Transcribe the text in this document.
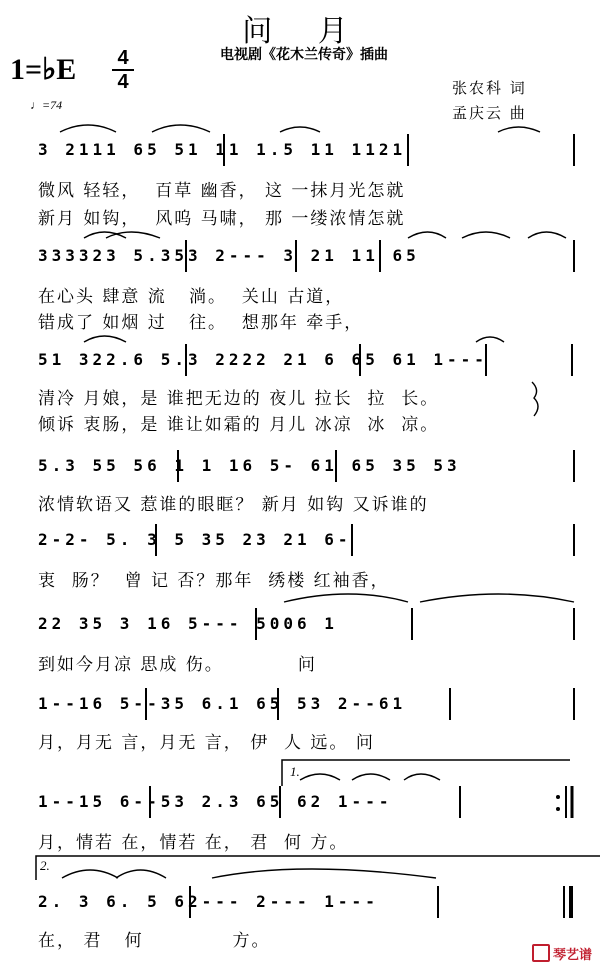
问 月
电视剧《花木兰传奇》插曲
1=♭E 4
4	张农科 词
孟庆云 曲
♩=74
3 2111 65 51 11 1.5 11 1121
微风 轻轻，  百草 幽香， 这 一抹月光怎就
新月 如钩，  风呜 马啸， 那 一缕浓情怎就
333323 5.353 2--- 3 21 11 65
在心头 肆意 流   淌。  关山 古道，
错成了 如烟 过   往。  想那年 牵手，
51 322.6 5.3 2222 21 6 65 61 1---
清冷 月娘，是 谁把无边的 夜儿 拉长  拉  长。
倾诉 衷肠，是 谁让如霜的 月儿 冰凉  冰  凉。
5.3 55 56 1 1 16 5- 61 65 35 53
浓情软语又 惹谁的眼眶？ 新月 如钩 又诉谁的
2-2- 5. 3 5 35 23 21 6-
衷  肠？  曾 记 否？那年  绣楼 红袖香，
22 35 3 16 5--- 5006 1
到如今月凉 思成 伤。          问
1--16 5--35 6.1 65 53 2--61
月，月无 言，月无 言， 伊  人 远。 问
1--15 6--53 2.3 65 62 1---
月，情若 在，情若 在， 君  何 方。
2. 3 6. 5 62--- 2--- 1---
在， 君   何            方。
1.
2.
琴艺谱
